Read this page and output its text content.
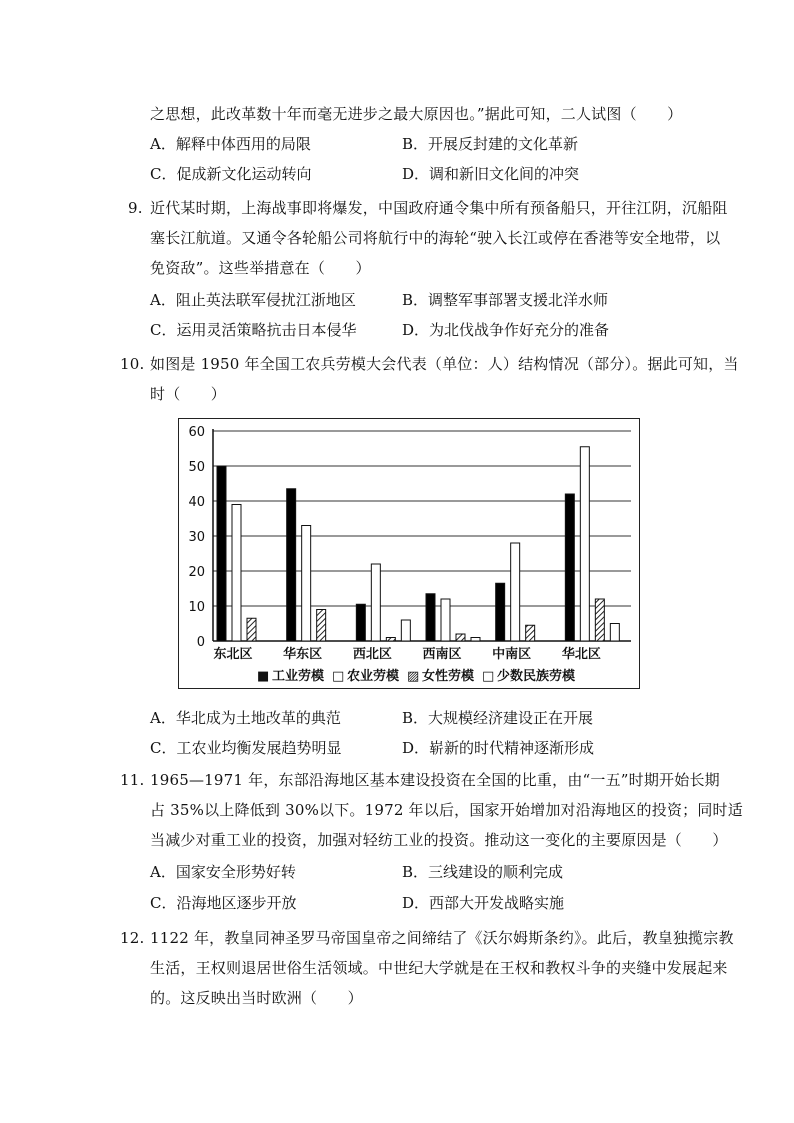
之思想，此改革数十年而毫无进步之最大原因也。”据此可知，二人试图（　　）
A．解释中体西用的局限	B．开展反封建的文化革新
C．促成新文化运动转向	D．调和新旧文化间的冲突
9. 近代某时期，上海战事即将爆发，中国政府通令集中所有预备船只，开往江阴，沉船阻
塞长江航道。又通令各轮船公司将航行中的海轮“驶入长江或停在香港等安全地带，以
免资敌”。这些举措意在（　　）
A．阻止英法联军侵扰江浙地区	B．调整军事部署支援北洋水师
C．运用灵活策略抗击日本侵华	D．为北伐战争作好充分的准备
10. 如图是 1950 年全国工农兵劳模大会代表（单位：人）结构情况（部分）。据此可知，当
时（　　）
0
10
20
30
40
50
60
东北区 华东区 西北区 西南区 中南区 华北区
■ 工业劳模 □ 农业劳模 ▨ 女性劳模 □ 少数民族劳模
A．华北成为土地改革的典范	B．大规模经济建设正在开展
C．工农业均衡发展趋势明显	D．崭新的时代精神逐渐形成
11. 1965—1971 年，东部沿海地区基本建设投资在全国的比重，由“一五”时期开始长期
占 35%以上降低到 30%以下。1972 年以后，国家开始增加对沿海地区的投资；同时适
当减少对重工业的投资，加强对轻纺工业的投资。推动这一变化的主要原因是（　　）
A．国家安全形势好转	B．三线建设的顺利完成
C．沿海地区逐步开放	D．西部大开发战略实施
12. 1122 年，教皇同神圣罗马帝国皇帝之间缔结了《沃尔姆斯条约》。此后，教皇独揽宗教
生活，王权则退居世俗生活领域。中世纪大学就是在王权和教权斗争的夹缝中发展起来
的。这反映出当时欧洲（　　）
